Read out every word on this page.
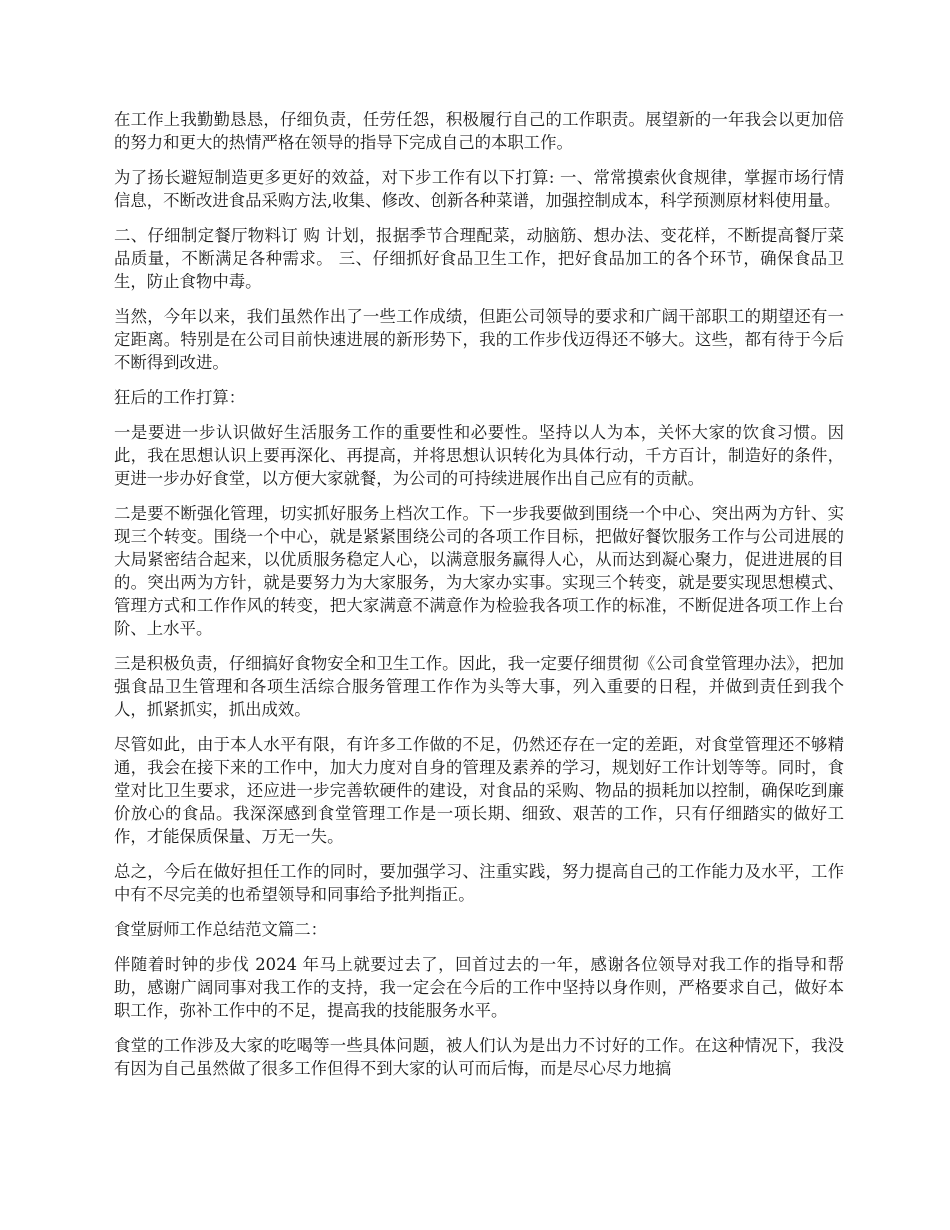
在工作上我勤勤恳恳，仔细负责，任劳任怨，积极履行自己的工作职责。展望新的一年我会以更加倍的努力和更大的热情严格在领导的指导下完成自己的本职工作。

为了扬长避短制造更多更好的效益，对下步工作有以下打算: 一、常常摸索伙食规律，掌握市场行情信息，不断改进食品采购方法,收集、修改、创新各种菜谱，加强控制成本，科学预测原材料使用量。

二、仔细制定餐厅物料订 购 计划，报据季节合理配菜，动脑筋、想办法、变花样，不断提高餐厅菜品质量，不断满足各种需求。 三、仔细抓好食品卫生工作，把好食品加工的各个环节，确保食品卫生，防止食物中毒。

当然，今年以来，我们虽然作出了一些工作成绩，但距公司领导的要求和广阔干部职工的期望还有一定距离。特别是在公司目前快速进展的新形势下，我的工作步伐迈得还不够大。这些，都有待于今后不断得到改进。

狂后的工作打算：

一是要进一步认识做好生活服务工作的重要性和必要性。坚持以人为本，关怀大家的饮食习惯。因此，我在思想认识上要再深化、再提高，并将思想认识转化为具体行动，千方百计，制造好的条件，更进一步办好食堂，以方便大家就餐，为公司的可持续进展作出自己应有的贡献。

二是要不断强化管理，切实抓好服务上档次工作。下一步我要做到围绕一个中心、突出两为方针、实现三个转变。围绕一个中心，就是紧紧围绕公司的各项工作目标，把做好餐饮服务工作与公司进展的大局紧密结合起来，以优质服务稳定人心，以满意服务赢得人心，从而达到凝心聚力，促进进展的目的。突出两为方针，就是要努力为大家服务，为大家办实事。实现三个转变，就是要实现思想模式、管理方式和工作作风的转变，把大家满意不满意作为检验我各项工作的标准，不断促进各项工作上台阶、上水平。

三是积极负责，仔细搞好食物安全和卫生工作。因此，我一定要仔细贯彻《公司食堂管理办法》，把加强食品卫生管理和各项生活综合服务管理工作作为头等大事，列入重要的日程，并做到责任到我个人，抓紧抓实，抓出成效。

尽管如此，由于本人水平有限，有许多工作做的不足，仍然还存在一定的差距，对食堂管理还不够精通，我会在接下来的工作中，加大力度对自身的管理及素养的学习，规划好工作计划等等。同时，食堂对比卫生要求，还应进一步完善软硬件的建设，对食品的采购、物品的损耗加以控制，确保吃到廉价放心的食品。我深深感到食堂管理工作是一项长期、细致、艰苦的工作，只有仔细踏实的做好工作，才能保质保量、万无一失。

总之，今后在做好担任工作的同时，要加强学习、注重实践，努力提高自己的工作能力及水平，工作中有不尽完美的也希望领导和同事给予批判指正。

食堂厨师工作总结范文篇二：

伴随着时钟的步伐 2024 年马上就要过去了，回首过去的一年，感谢各位领导对我工作的指导和帮助，感谢广阔同事对我工作的支持，我一定会在今后的工作中坚持以身作则，严格要求自己，做好本职工作，弥补工作中的不足，提高我的技能服务水平。

食堂的工作涉及大家的吃喝等一些具体问题，被人们认为是出力不讨好的工作。在这种情况下，我没有因为自己虽然做了很多工作但得不到大家的认可而后悔，而是尽心尽力地搞
